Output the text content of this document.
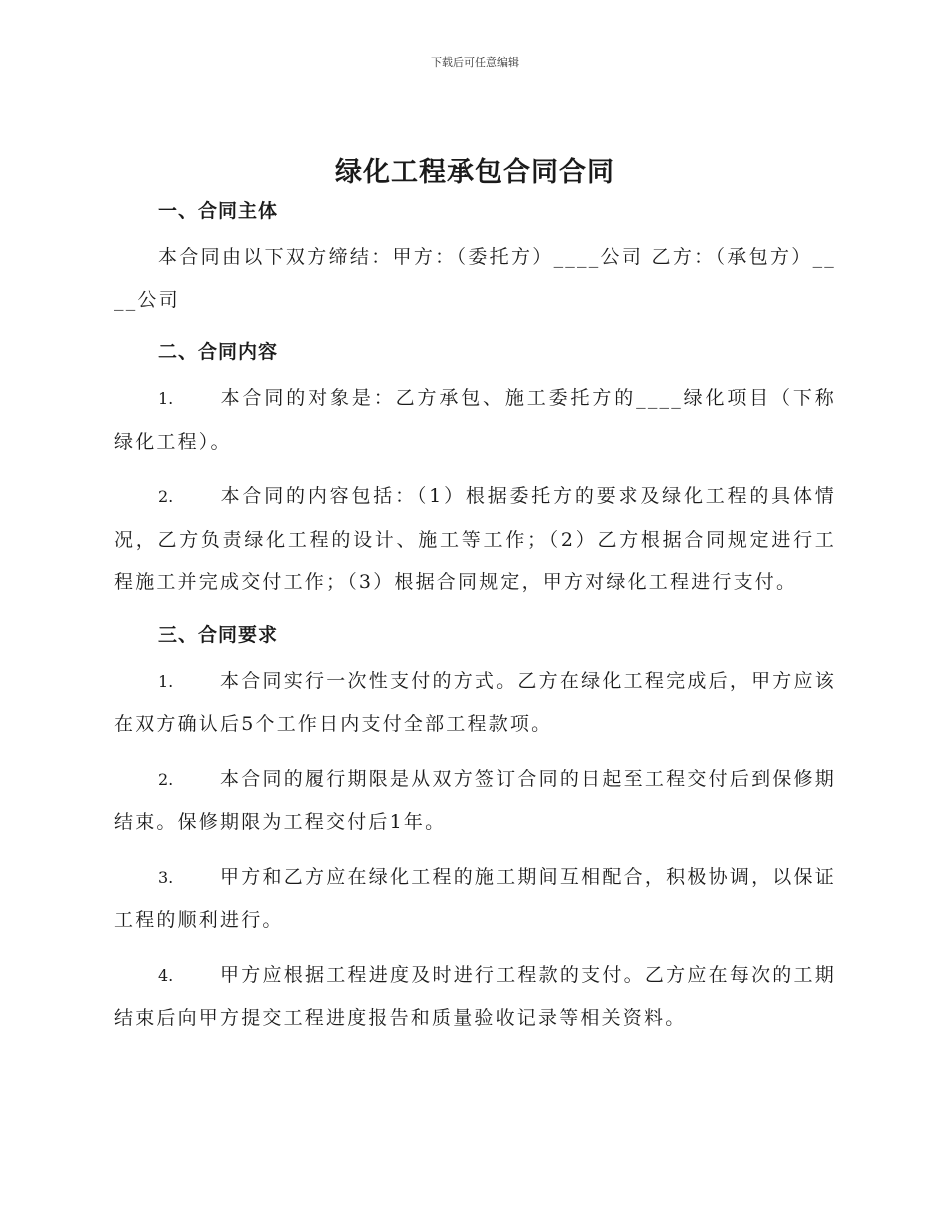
下载后可任意编辑
绿化工程承包合同合同
一、合同主体

本合同由以下双方缔结：甲方：（委托方）____公司 乙方：（承包方）____公司

二、合同内容

1. 本合同的对象是：乙方承包、施工委托方的____绿化项目（下称绿化工程）。

2. 本合同的内容包括：（1）根据委托方的要求及绿化工程的具体情况，乙方负责绿化工程的设计、施工等工作；（2）乙方根据合同规定进行工程施工并完成交付工作；（3）根据合同规定，甲方对绿化工程进行支付。

三、合同要求

1. 本合同实行一次性支付的方式。乙方在绿化工程完成后，甲方应该在双方确认后5个工作日内支付全部工程款项。

2. 本合同的履行期限是从双方签订合同的日起至工程交付后到保修期结束。保修期限为工程交付后1年。

3. 甲方和乙方应在绿化工程的施工期间互相配合，积极协调，以保证工程的顺利进行。

4. 甲方应根据工程进度及时进行工程款的支付。乙方应在每次的工期结束后向甲方提交工程进度报告和质量验收记录等相关资料。
